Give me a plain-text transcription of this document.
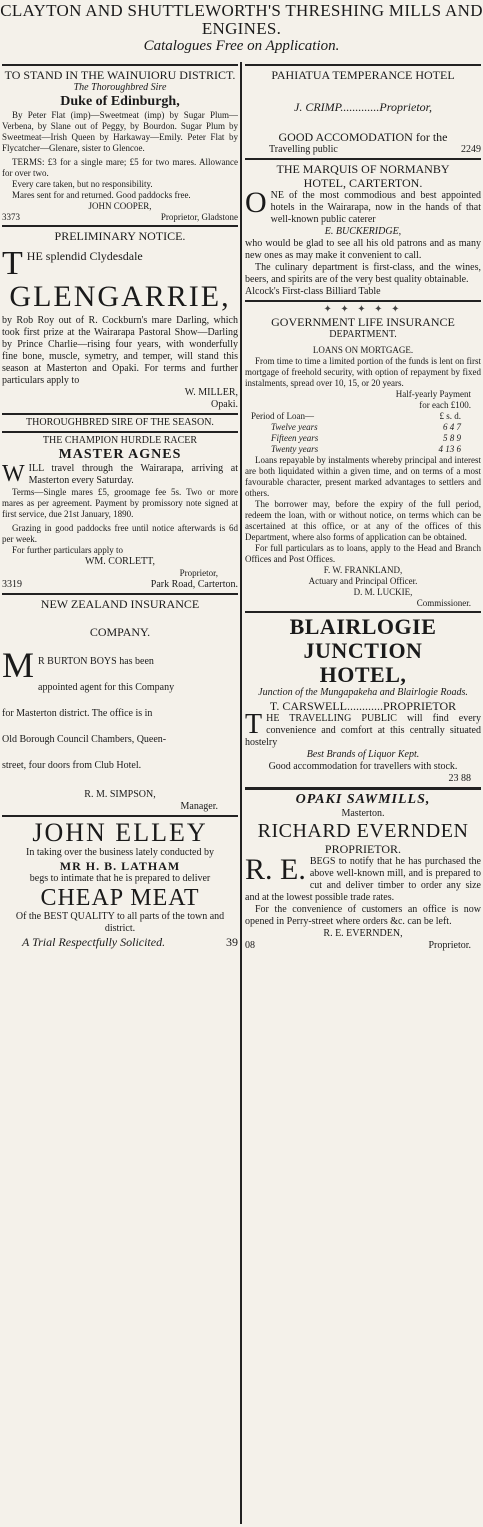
CLAYTON AND SHUTTLEWORTH'S THRESHING MILLS AND ENGINES.
Catalogues Free on Application.
TO STAND IN THE WAINUIORU DISTRICT.
The Thoroughbred Sire
Duke of Edinburgh,

By Peter Flat (imp)—Sweetmeat (imp) by Sugar Plum—Verbena, by Slane out of Peggy, by Bourdon. Sugar Plum by Sweetmeat—Irish Queen by Harkaway—Emily. Peter Flat by Flycatcher—Glenare, sister to Glencoe.

TERMS: £3 for a single mare; £5 for two mares. Allowance for over two.

Every care taken, but no responsibility.

Mares sent for and returned. Good paddocks free.

JOHN COOPER,
3373	Proprietor, Gladstone
PRELIMINARY NOTICE.
T HE splendid Clydesdale
GLENGARRIE,

by Rob Roy out of R. Cockburn's mare Darling, which took first prize at the Wairarapa Pastoral Show—Darling by Prince Charlie—rising four years, with wonderfully fine bone, muscle, symetry, and temper, will stand this season at Masterton and Opaki. For terms and further particulars apply to

W. MILLER,
Opaki.
THOROUGHBRED SIRE OF THE SEASON.
THE CHAMPION HURDLE RACER
MASTER AGNES
W ILL travel through the Wairarapa, arriving at Masterton every Saturday.

Terms—Single mares £5, groomage fee 5s. Two or more mares as per agreement. Payment by promissory note signed at first service, due 21st January, 1890.

Grazing in good paddocks free until notice afterwards is 6d per week.

For further particulars apply to

WM. CORLETT,
Proprietor,
3319	Park Road, Carterton.
NEW ZEALAND INSURANCE
COMPANY.
M R BURTON BOYS has been
appointed agent for this Company
for Masterton district. The office is in
Old Borough Council Chambers, Queen-
street, four doors from Club Hotel.
R. M. SIMPSON,
Manager.
JOHN ELLEY

In taking over the business lately conducted by

MR H. B. LATHAM

begs to intimate that he is prepared to deliver

CHEAP MEAT

Of the BEST QUALITY to all parts of the town and district.

A Trial Respectfully Solicited.	39
PAHIATUA TEMPERANCE HOTEL
J. CRIMP.............Proprietor,
GOOD ACCOMODATION for the
Travelling public	2249
THE MARQUIS OF NORMANBY
HOTEL, CARTERTON.
O NE of the most commodious and best appointed hotels in the Wairarapa, now in the hands of that well-known public caterer
E. BUCKERIDGE,

who would be glad to see all his old patrons and as many new ones as may make it convenient to call.

The culinary department is first-class, and the wines, beers, and spirits are of the very best quality obtainable.

Alcock's First-class Billiard Table
✦ ✦ ✦ ✦ ✦
GOVERNMENT LIFE INSURANCE
DEPARTMENT.
LOANS ON MORTGAGE.

From time to time a limited portion of the funds is lent on first mortgage of freehold security, with option of repayment by fixed instalments, spread over 10, 15, or 20 years.

Half-yearly Payment
for each £100.
Period of Loan—	£ s. d.
Twelve years	6 4 7
Fifteen years	5 8 9
Twenty years	4 13 6

Loans repayable by instalments whereby principal and interest are both liquidated within a given time, and on terms of a most favourable character, present marked advantages to settlers and others.

The borrower may, before the expiry of the full period, redeem the loan, with or without notice, on terms which can be ascertained at this office, or at any of the offices of this Department, where also forms of application can be obtained.

For full particulars as to loans, apply to the Head and Branch Offices and Post Offices.

F. W. FRANKLAND,
Actuary and Principal Officer.
D. M. LUCKIE,
Commissioner.
BLAIRLOGIE JUNCTION
HOTEL,
Junction of the Mungapakeha and Blairlogie Roads.
T. CARSWELL............PROPRIETOR
T HE TRAVELLING PUBLIC will find every convenience and comfort at this centrally situated hostelry
Best Brands of Liquor Kept.

Good accommodation for travellers with stock.

23 88
OPAKI SAWMILLS,
Masterton.
RICHARD EVERNDEN
PROPRIETOR.
R. E. BEGS to notify that he has purchased the above well-known mill, and is prepared to cut and deliver timber to order any size and at the lowest possible trade rates.

For the convenience of customers an office is now opened in Perry-street where orders &c. can be left.

R. E. EVERNDEN,
08	Proprietor.
